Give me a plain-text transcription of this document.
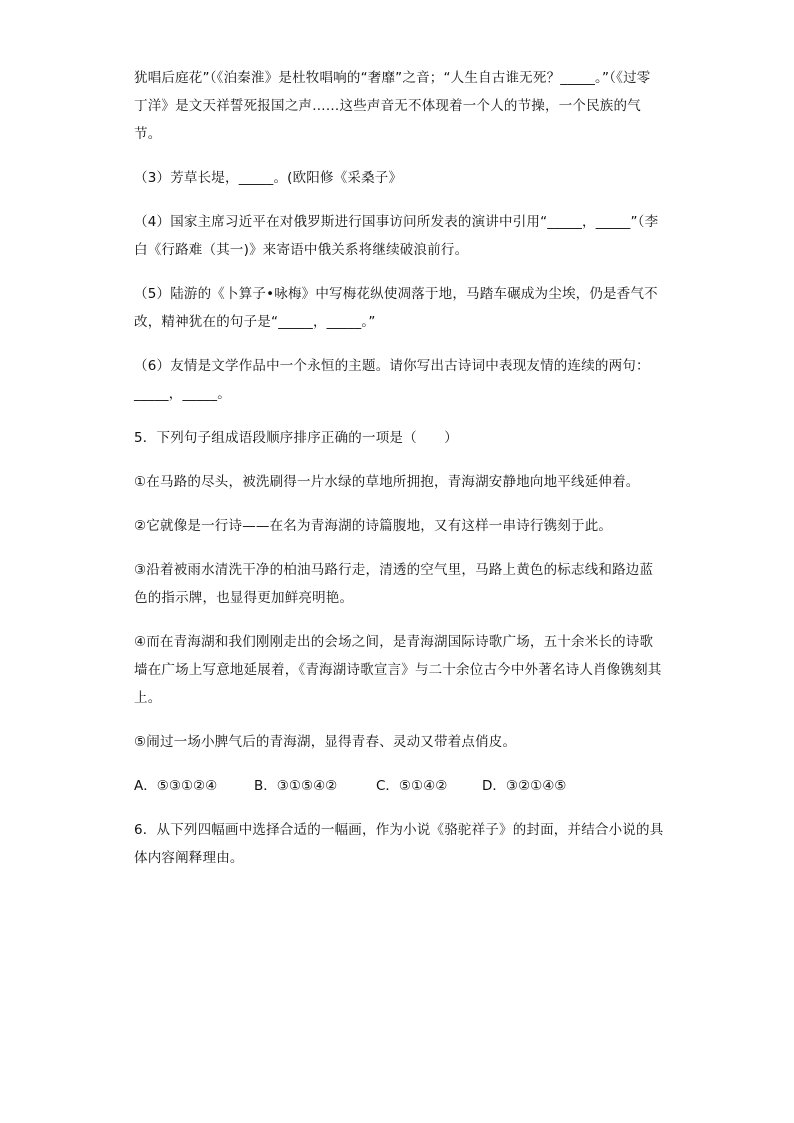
犹唱后庭花”（《泊秦淮》是杜牧唱响的“奢靡”之音；“人生自古谁无死？_____。”（《过零丁洋》是文天祥誓死报国之声……这些声音无不体现着一个人的节操，一个民族的气节。

（3）芳草长堤，_____。(欧阳修《采桑子》

（4）国家主席习近平在对俄罗斯进行国事访问所发表的演讲中引用“_____，_____”（李白《行路难（其一)》来寄语中俄关系将继续破浪前行。

（5）陆游的《卜算子•咏梅》中写梅花纵使凋落于地，马踏车碾成为尘埃，仍是香气不改，精神犹在的句子是“_____，_____。”

（6）友情是文学作品中一个永恒的主题。请你写出古诗词中表现友情的连续的两句：_____，_____。

5．下列句子组成语段顺序排序正确的一项是（　　）

①在马路的尽头，被洗刷得一片水绿的草地所拥抱，青海湖安静地向地平线延伸着。

②它就像是一行诗——在名为青海湖的诗篇腹地，又有这样一串诗行镌刻于此。

③沿着被雨水清洗干净的柏油马路行走，清透的空气里，马路上黄色的标志线和路边蓝色的指示牌，也显得更加鲜亮明艳。

④而在青海湖和我们刚刚走出的会场之间，是青海湖国际诗歌广场，五十余米长的诗歌墙在广场上写意地延展着，《青海湖诗歌宣言》与二十余位古今中外著名诗人肖像镌刻其上。

⑤闹过一场小脾气后的青海湖，显得青春、灵动又带着点俏皮。

A．⑤③①②④	B．③①⑤④②	C．⑤①④②	D．③②①④⑤

6．从下列四幅画中选择合适的一幅画，作为小说《骆驼祥子》的封面，并结合小说的具体内容阐释理由。
